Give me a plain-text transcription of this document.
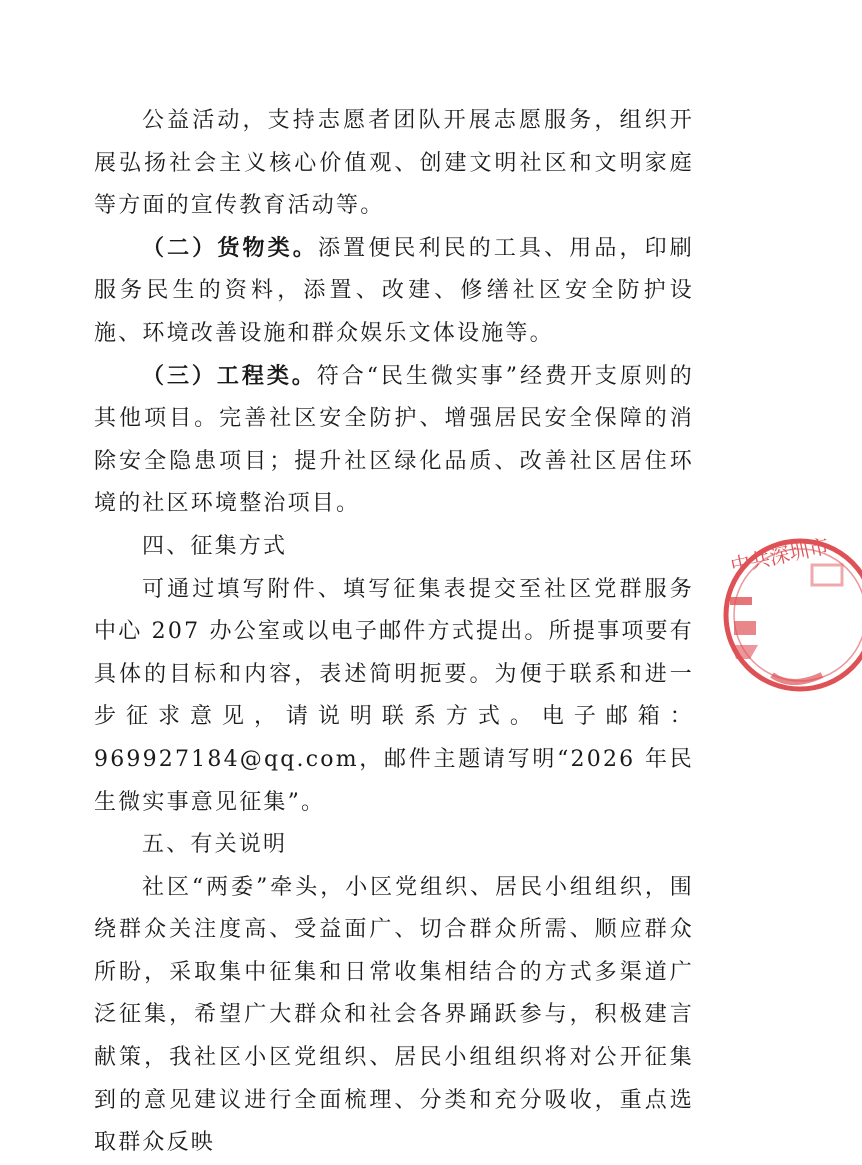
公益活动，支持志愿者团队开展志愿服务，组织开展弘扬社会主义核心价值观、创建文明社区和文明家庭等方面的宣传教育活动等。

（二）货物类。添置便民利民的工具、用品，印刷服务民生的资料，添置、改建、修缮社区安全防护设施、环境改善设施和群众娱乐文体设施等。

（三）工程类。符合“民生微实事”经费开支原则的其他项目。完善社区安全防护、增强居民安全保障的消除安全隐患项目；提升社区绿化品质、改善社区居住环境的社区环境整治项目。

四、征集方式

可通过填写附件、填写征集表提交至社区党群服务中心 207 办公室或以电子邮件方式提出。所提事项要有具体的目标和内容，表述简明扼要。为便于联系和进一步征求意见，请说明联系方式。电子邮箱：969927184@qq.com，邮件主题请写明“2026 年民生微实事意见征集”。

五、有关说明

社区“两委”牵头，小区党组织、居民小组组织，围绕群众关注度高、受益面广、切合群众所需、顺应群众所盼，采取集中征集和日常收集相结合的方式多渠道广泛征集，希望广大群众和社会各界踊跃参与，积极建言献策，我社区小区党组织、居民小组组织将对公开征集到的意见建议进行全面梳理、分类和充分吸收，重点选取群众反映

中共深圳市
